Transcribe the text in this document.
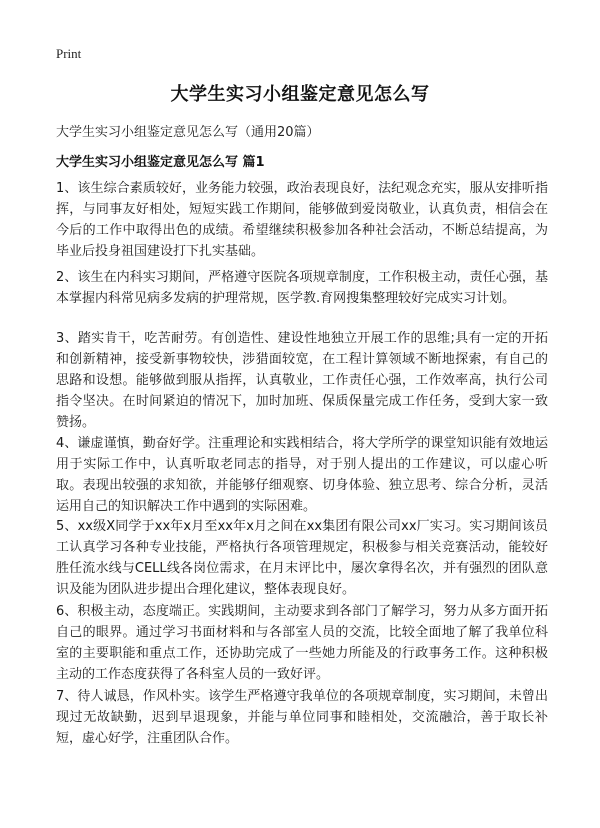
Print
大学生实习小组鉴定意见怎么写
大学生实习小组鉴定意见怎么写（通用20篇）
大学生实习小组鉴定意见怎么写 篇1

1、该生综合素质较好，业务能力较强，政治表现良好，法纪观念充实，服从安排听指挥，与同事友好相处，短短实践工作期间，能够做到爱岗敬业，认真负责，相信会在今后的工作中取得出色的成绩。希望继续积极参加各种社会活动，不断总结提高，为毕业后投身祖国建设打下扎实基础。

2、该生在内科实习期间，严格遵守医院各项规章制度，工作积极主动，责任心强，基本掌握内科常见病多发病的护理常规，医学教.育网搜集整理较好完成实习计划。

3、踏实肯干，吃苦耐劳。有创造性、建设性地独立开展工作的思维;具有一定的开拓和创新精神，接受新事物较快，涉猎面较宽，在工程计算领域不断地探索，有自己的思路和设想。能够做到服从指挥，认真敬业，工作责任心强，工作效率高，执行公司指令坚决。在时间紧迫的情况下，加时加班、保质保量完成工作任务，受到大家一致赞扬。

4、谦虚谨慎，勤奋好学。注重理论和实践相结合，将大学所学的课堂知识能有效地运用于实际工作中，认真听取老同志的指导，对于别人提出的工作建议，可以虚心听取。表现出较强的求知欲，并能够仔细观察、切身体验、独立思考、综合分析，灵活运用自己的知识解决工作中遇到的实际困难。

5、xx级X同学于xx年x月至xx年x月之间在xx集团有限公司xx厂实习。实习期间该员工认真学习各种专业技能，严格执行各项管理规定，积极参与相关竞赛活动，能较好胜任流水线与CELL线各岗位需求，在月末评比中，屡次拿得名次，并有强烈的团队意识及能为团队进步提出合理化建议，整体表现良好。

6、积极主动，态度端正。实践期间，主动要求到各部门了解学习，努力从多方面开拓自己的眼界。通过学习书面材料和与各部室人员的交流，比较全面地了解了我单位科室的主要职能和重点工作，还协助完成了一些她力所能及的行政事务工作。这种积极主动的工作态度获得了各科室人员的一致好评。

7、待人诚恳，作风朴实。该学生严格遵守我单位的各项规章制度，实习期间，未曾出现过无故缺勤，迟到早退现象，并能与单位同事和睦相处，交流融洽，善于取长补短，虚心好学，注重团队合作。
